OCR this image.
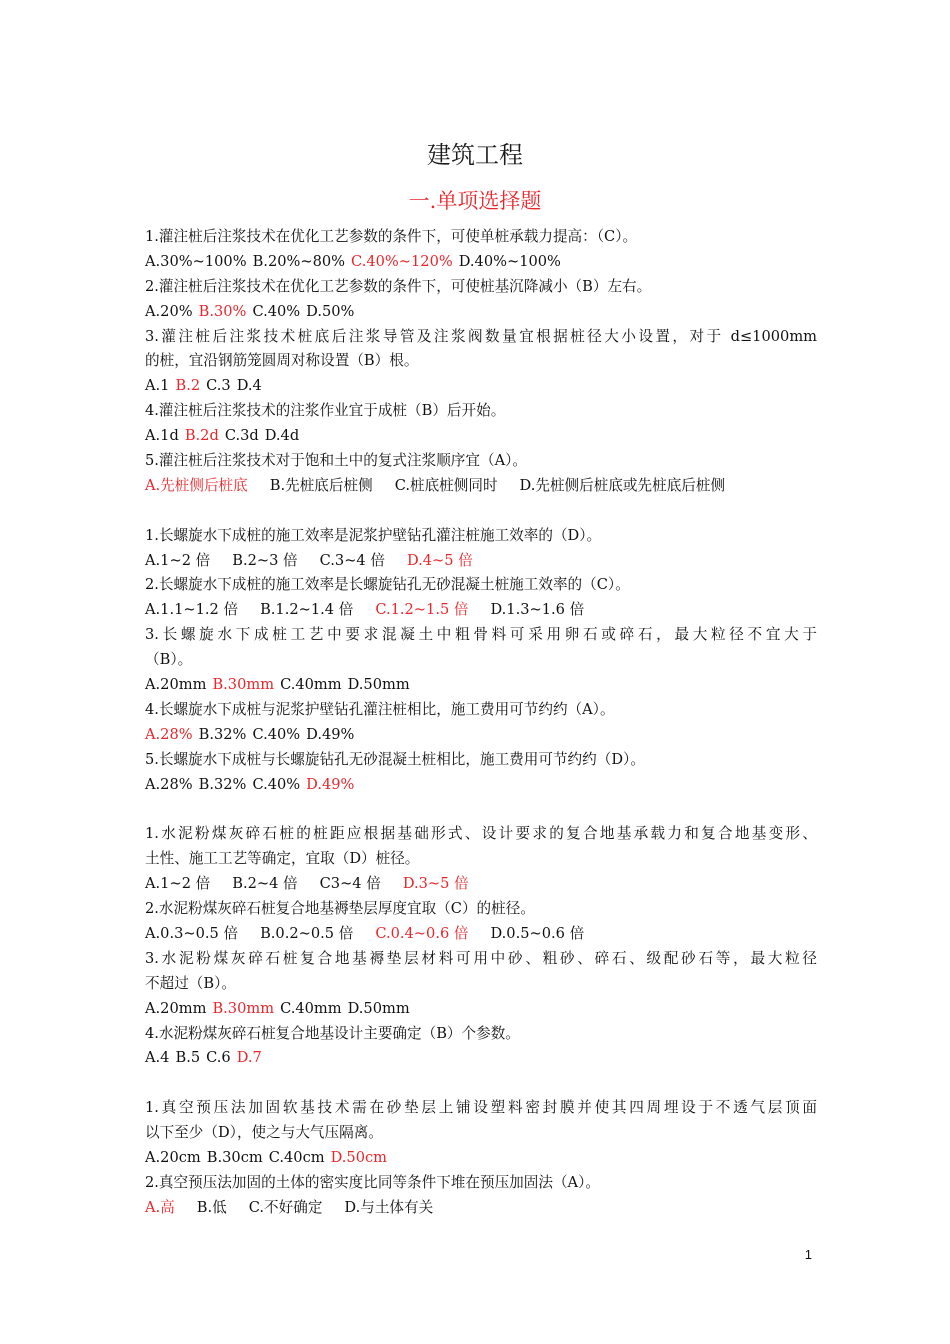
建筑工程
一.单项选择题
1.灌注桩后注浆技术在优化工艺参数的条件下，可使单桩承载力提高：（C）。
A.30%~100% B.20%~80% C.40%~120% D.40%~100%
2.灌注桩后注浆技术在优化工艺参数的条件下，可使桩基沉降减小（B）左右。
A.20% B.30% C.40% D.50%
3.灌注桩后注浆技术桩底后注浆导管及注浆阀数量宜根据桩径大小设置，对于 d≤1000mm
的桩，宜沿钢筋笼圆周对称设置（B）根。
A.1 B.2 C.3 D.4
4.灌注桩后注浆技术的注浆作业宜于成桩（B）后开始。
A.1d B.2d C.3d D.4d
5.灌注桩后注浆技术对于饱和土中的复式注浆顺序宜（A）。
A.先桩侧后桩底 B.先桩底后桩侧 C.桩底桩侧同时 D.先桩侧后桩底或先桩底后桩侧
1.长螺旋水下成桩的施工效率是泥浆护壁钻孔灌注桩施工效率的（D）。
A.1~2 倍 B.2~3 倍 C.3~4 倍 D.4~5 倍
2.长螺旋水下成桩的施工效率是长螺旋钻孔无砂混凝土桩施工效率的（C）。
A.1.1~1.2 倍 B.1.2~1.4 倍 C.1.2~1.5 倍 D.1.3~1.6 倍
3.长螺旋水下成桩工艺中要求混凝土中粗骨料可采用卵石或碎石，最大粒径不宜大于
（B）。
A.20mm B.30mm C.40mm D.50mm
4.长螺旋水下成桩与泥浆护壁钻孔灌注桩相比，施工费用可节约约（A）。
A.28% B.32% C.40% D.49%
5.长螺旋水下成桩与长螺旋钻孔无砂混凝土桩相比，施工费用可节约约（D）。
A.28% B.32% C.40% D.49%
1.水泥粉煤灰碎石桩的桩距应根据基础形式、设计要求的复合地基承载力和复合地基变形、
土性、施工工艺等确定，宜取（D）桩径。
A.1~2 倍 B.2~4 倍 C3~4 倍 D.3~5 倍
2.水泥粉煤灰碎石桩复合地基褥垫层厚度宜取（C）的桩径。
A.0.3~0.5 倍 B.0.2~0.5 倍 C.0.4~0.6 倍 D.0.5~0.6 倍
3.水泥粉煤灰碎石桩复合地基褥垫层材料可用中砂、粗砂、碎石、级配砂石等，最大粒径
不超过（B）。
A.20mm B.30mm C.40mm D.50mm
4.水泥粉煤灰碎石桩复合地基设计主要确定（B）个参数。
A.4 B.5 C.6 D.7
1.真空预压法加固软基技术需在砂垫层上铺设塑料密封膜并使其四周埋设于不透气层顶面
以下至少（D），使之与大气压隔离。
A.20cm B.30cm C.40cm D.50cm
2.真空预压法加固的土体的密实度比同等条件下堆在预压加固法（A）。
A.高 B.低 C.不好确定 D.与土体有关
1
